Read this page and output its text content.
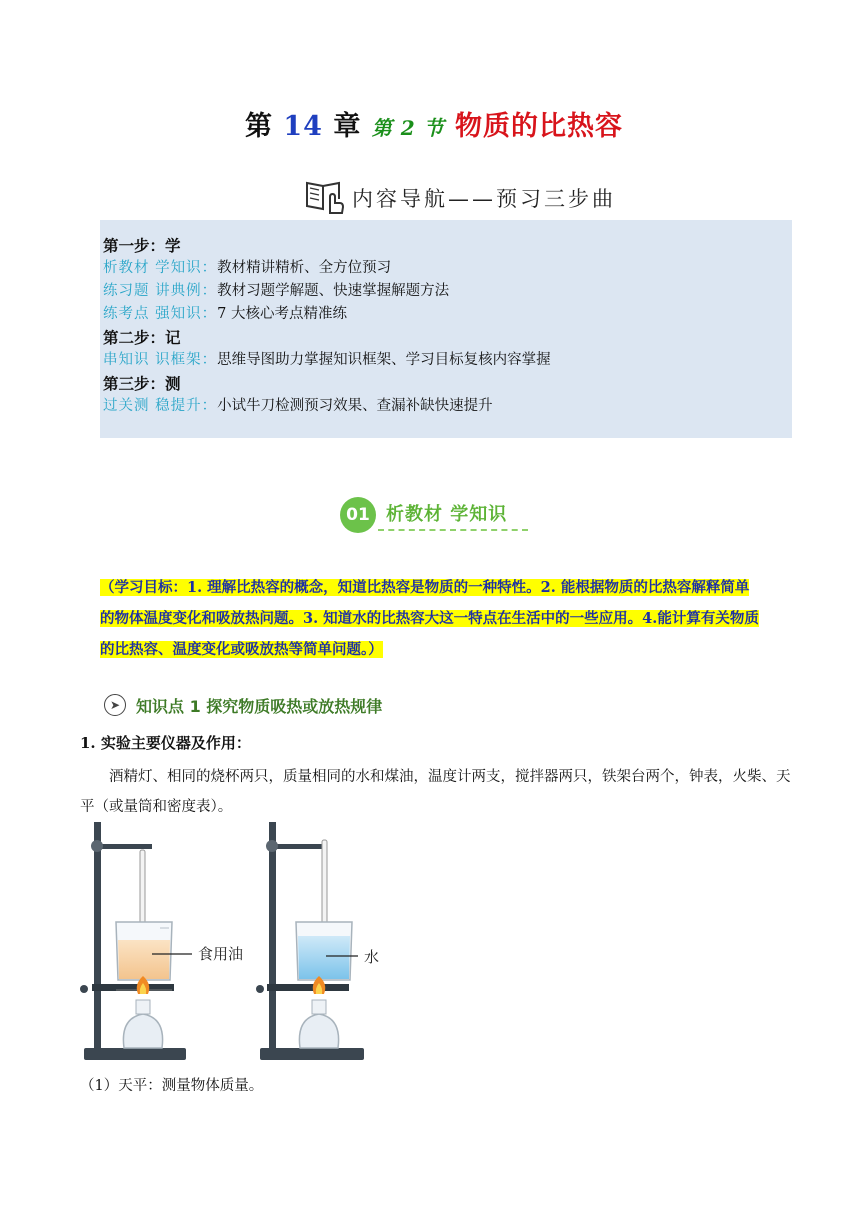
第 14 章 第 2 节 物质的比热容
内容导航——预习三步曲
第一步：学
析教材 学知识：教材精讲精析、全方位预习
练习题 讲典例：教材习题学解题、快速掌握解题方法
练考点 强知识：7 大核心考点精准练
第二步：记
串知识 识框架：思维导图助力掌握知识框架、学习目标复核内容掌握
第三步：测
过关测 稳提升：小试牛刀检测预习效果、查漏补缺快速提升
01 析教材 学知识
（学习目标：1. 理解比热容的概念，知道比热容是物质的一种特性。2. 能根据物质的比热容解释简单
的物体温度变化和吸放热问题。3. 知道水的比热容大这一特点在生活中的一些应用。4.能计算有关物质
的比热容、温度变化或吸放热等简单问题。）
➤ 知识点 1 探究物质吸热或放热规律
1. 实验主要仪器及作用：
酒精灯、相同的烧杯两只，质量相同的水和煤油，温度计两支，搅拌器两只，铁架台两个，钟表，火柴、天平（或量筒和密度表）。
食用油	水
（1）天平：测量物体质量。
